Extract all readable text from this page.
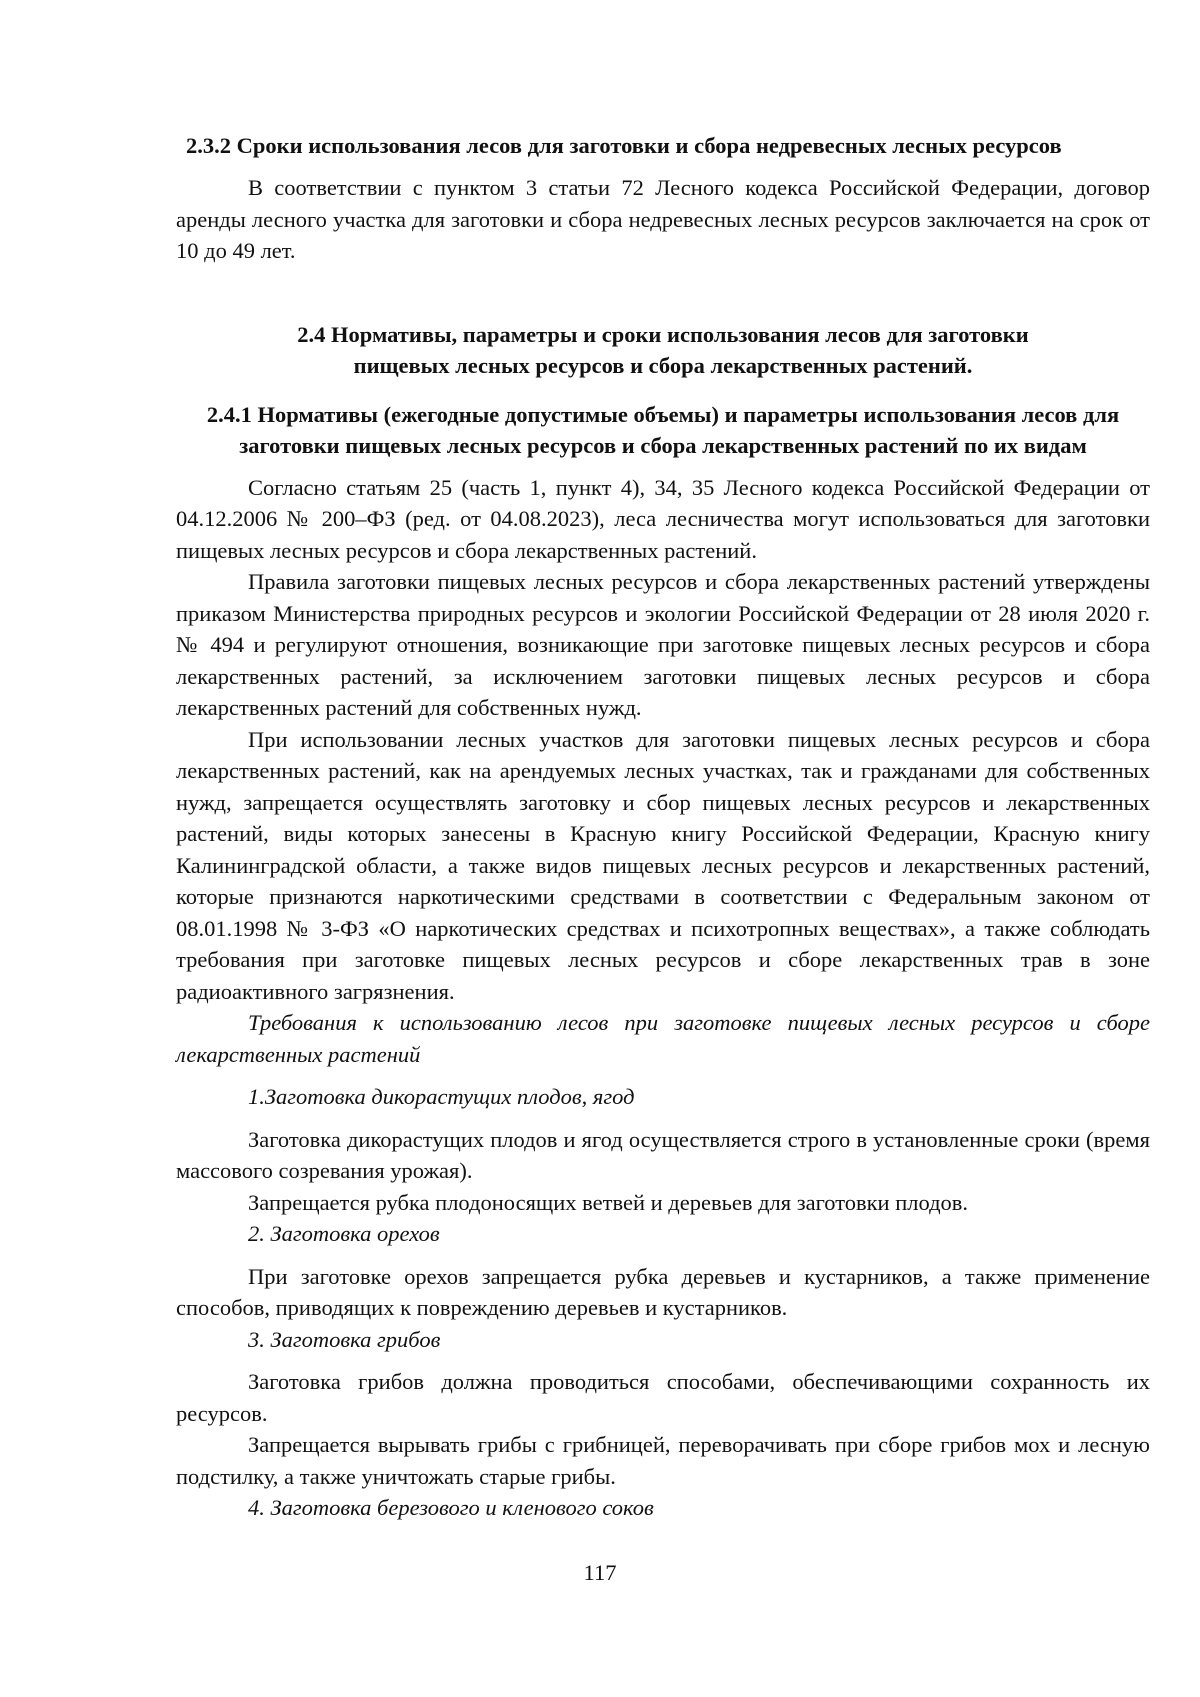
2.3.2 Сроки использования лесов для заготовки и сбора недревесных лесных ресурсов

В соответствии с пунктом 3 статьи 72 Лесного кодекса Российской Федерации, договор аренды лесного участка для заготовки и сбора недревесных лесных ресурсов заключается на срок от 10 до 49 лет.

2.4 Нормативы, параметры и сроки использования лесов для заготовки пищевых лесных ресурсов и сбора лекарственных растений.

2.4.1 Нормативы (ежегодные допустимые объемы) и параметры использования лесов для заготовки пищевых лесных ресурсов и сбора лекарственных растений по их видам

Согласно статьям 25 (часть 1, пункт 4), 34, 35 Лесного кодекса Российской Федерации от 04.12.2006 № 200–ФЗ (ред. от 04.08.2023), леса лесничества могут использоваться для заготовки пищевых лесных ресурсов и сбора лекарственных растений.

Правила заготовки пищевых лесных ресурсов и сбора лекарственных растений утверждены приказом Министерства природных ресурсов и экологии Российской Федерации от 28 июля 2020 г. № 494 и регулируют отношения, возникающие при заготовке пищевых лесных ресурсов и сбора лекарственных растений, за исключением заготовки пищевых лесных ресурсов и сбора лекарственных растений для собственных нужд.

При использовании лесных участков для заготовки пищевых лесных ресурсов и сбора лекарственных растений, как на арендуемых лесных участках, так и гражданами для собственных нужд, запрещается осуществлять заготовку и сбор пищевых лесных ресурсов и лекарственных растений, виды которых занесены в Красную книгу Российской Федерации, Красную книгу Калининградской области, а также видов пищевых лесных ресурсов и лекарственных растений, которые признаются наркотическими средствами в соответствии с Федеральным законом от 08.01.1998 № 3-ФЗ «О наркотических средствах и психотропных веществах», а также соблюдать требования при заготовке пищевых лесных ресурсов и сборе лекарственных трав в зоне радиоактивного загрязнения.

Требования к использованию лесов при заготовке пищевых лесных ресурсов и сборе лекарственных растений

1.Заготовка дикорастущих плодов, ягод

Заготовка дикорастущих плодов и ягод осуществляется строго в установленные сроки (время массового созревания урожая).

Запрещается рубка плодоносящих ветвей и деревьев для заготовки плодов.

2. Заготовка орехов

При заготовке орехов запрещается рубка деревьев и кустарников, а также применение способов, приводящих к повреждению деревьев и кустарников.

3. Заготовка грибов

Заготовка грибов должна проводиться способами, обеспечивающими сохранность их ресурсов.

Запрещается вырывать грибы с грибницей, переворачивать при сборе грибов мох и лесную подстилку, а также уничтожать старые грибы.

4. Заготовка березового и кленового соков

117
